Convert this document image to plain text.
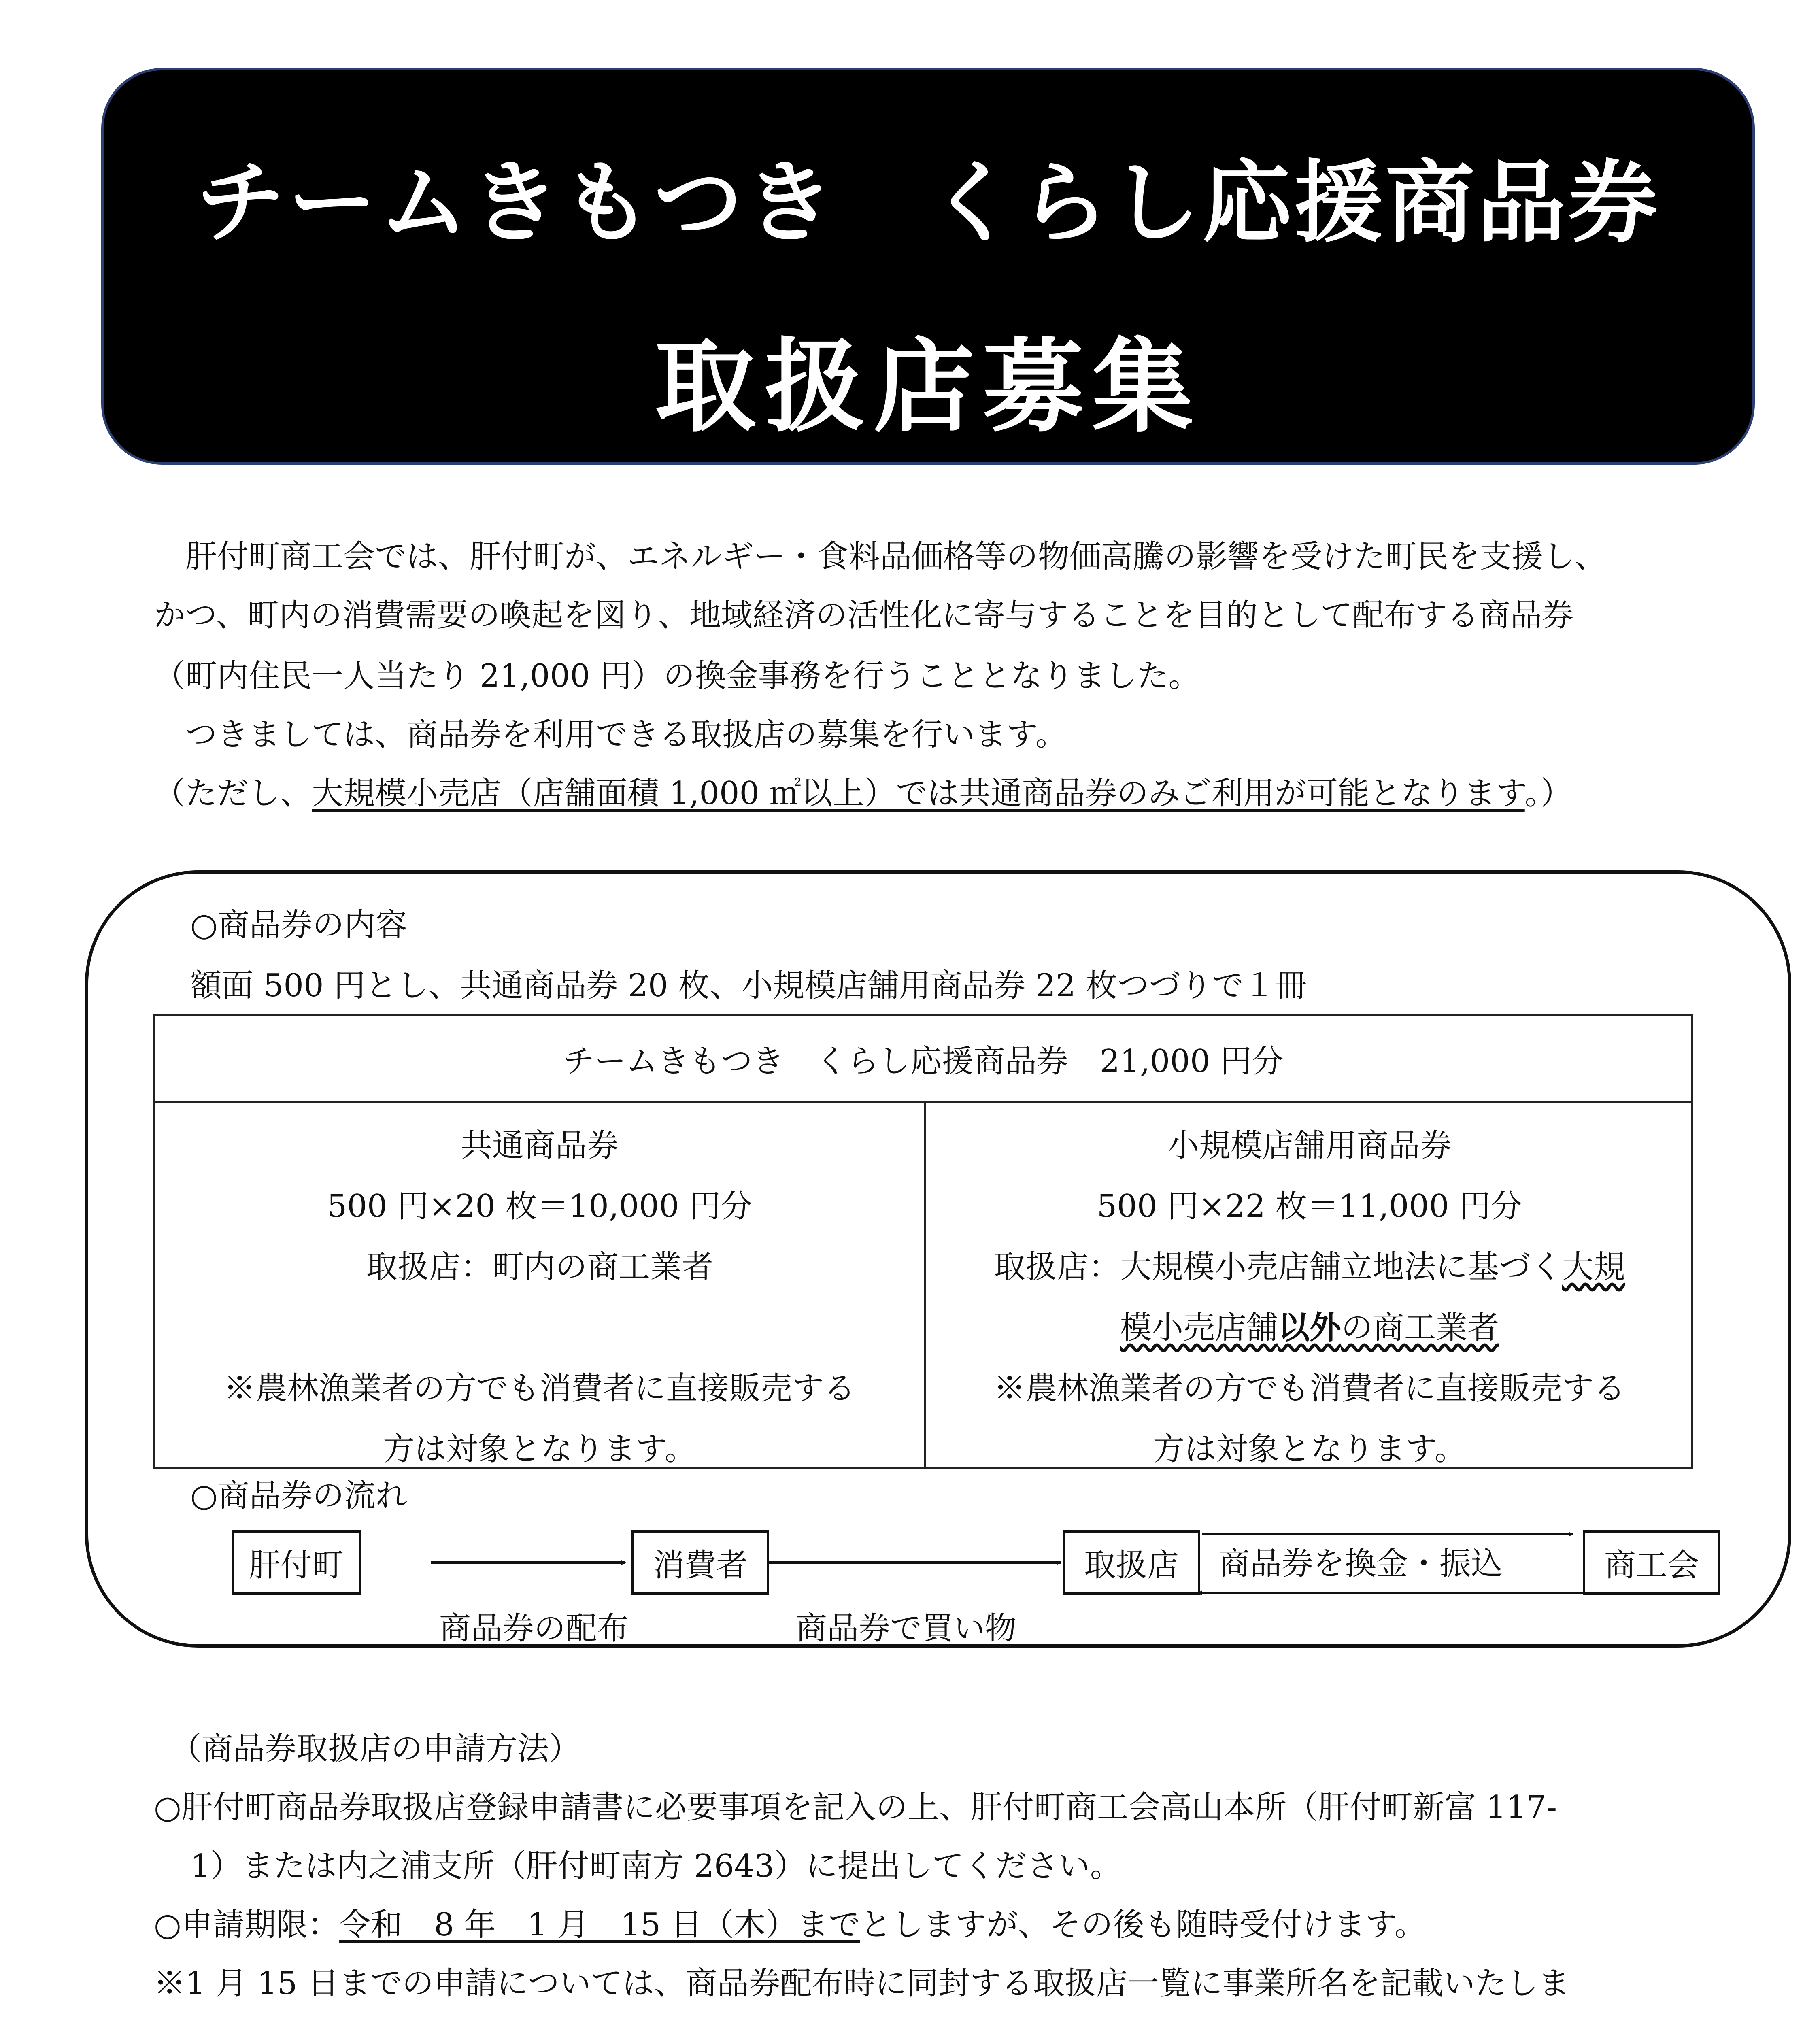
チームきもつき　くらし応援商品券
取扱店募集
　肝付町商工会では、肝付町が、エネルギー・食料品価格等の物価高騰の影響を受けた町民を支援し、
かつ、町内の消費需要の喚起を図り、地域経済の活性化に寄与することを目的として配布する商品券
（町内住民一人当たり 21,000 円）の換金事務を行うこととなりました。
　つきましては、商品券を利用できる取扱店の募集を行います。
（ただし、大規模小売店（店舗面積 1,000 ㎡以上）では共通商品券のみご利用が可能となります。）
○商品券の内容
額面 500 円とし、共通商品券 20 枚、小規模店舗用商品券 22 枚つづりで１冊
チームきもつき　くらし応援商品券　21,000 円分
共通商品券
500 円×20 枚＝10,000 円分
取扱店：町内の商工業者
※農林漁業者の方でも消費者に直接販売する
方は対象となります。
小規模店舗用商品券
500 円×22 枚＝11,000 円分
取扱店：大規模小売店舗立地法に基づく大規
模小売店舗以外の商工業者
※農林漁業者の方でも消費者に直接販売する
方は対象となります。
○商品券の流れ
肝付町	消費者	取扱店	商工会
商品券を換金・振込
商品券の配布	商品券で買い物
（商品券取扱店の申請方法）
○肝付町商品券取扱店登録申請書に必要事項を記入の上、肝付町商工会高山本所（肝付町新富 117-
1）または内之浦支所（肝付町南方 2643）に提出してください。
○申請期限：令和　8 年　1 月　15 日（木）までとしますが、その後も随時受付けます。
※1 月 15 日までの申請については、商品券配布時に同封する取扱店一覧に事業所名を記載いたしま
